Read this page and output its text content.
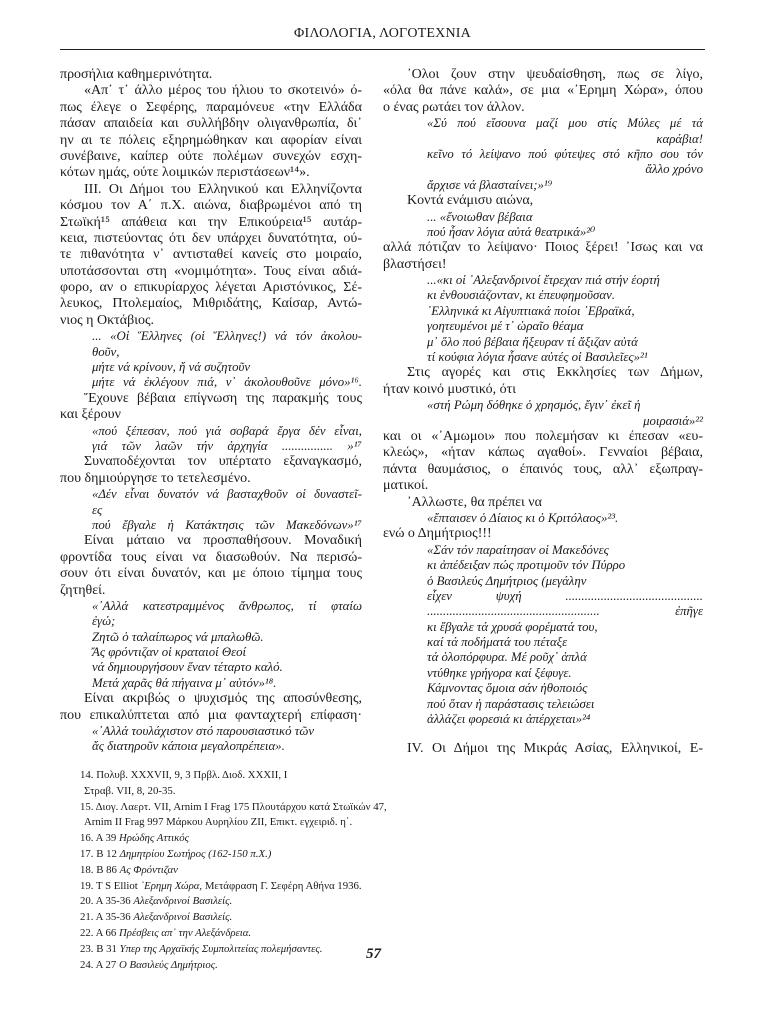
ΦΙΛΟΛΟΓΙΑ, ΛΟΓΟΤΕΧΝΙΑ
προσήλια καθημερινότητα.
«Απ᾿ τ᾿ άλλο μέρος του ήλιου το σκοτεινό» ό-
πως έλεγε ο Σεφέρης, παραμόνευε «την Ελλάδα
πάσαν απαιδεία και συλλήβδην ολιγανθρωπία, δι᾿
ην αι τε πόλεις εξηρημώθηκαν και αφορίαν είναι
συνέβαινε, καίπερ ούτε πολέμων συνεχών εσχη-
κότων ημάς, ούτε λοιμικών περιστάσεων¹⁴».
III. Οι Δήμοι του Ελληνικού και Ελληνίζοντα
κόσμου τον Α΄ π.Χ. αιώνα, διαβρωμένοι από τη
Στωϊκή¹⁵ απάθεια και την Επικούρεια¹⁵ αυτάρ-
κεια, πιστεύοντας ότι δεν υπάρχει δυνατότητα, ού-
τε πιθανότητα ν᾿ αντισταθεί κανείς στο μοιραίο,
υποτάσσονται στη «νομιμότητα». Τους είναι αδιά-
φορο, αν ο επικυρίαρχος λέγεται Αριστόνικος, Σέ-
λευκος, Πτολεμαίος, Μιθριδάτης, Καίσαρ, Αντώ-
νιος η Οκτάβιος.
... «Οἱ Ἕλληνες (οἱ Ἕλληνες!) νά τόν ἀκολου-
θοῦν,
μήτε νά κρίνουν, ἤ νά συζητοῦν
μήτε νά ἐκλέγουν πιά, ν᾿ ἀκολουθοῦνε μόνο»¹⁶.
Ἔχουνε βέβαια επίγνωση της παρακμής τους
και ξέρουν
«πού ξέπεσαν, πού γιά σοβαρά ἔργα δέν εἶναι,
γιά τῶν λαῶν τήν ἀρχηγία ................ »¹⁷
Συναποδέχονται τον υπέρτατο εξαναγκασμό,
που δημιούργησε το τετελεσμένο.
«Δέν εἶναι δυνατόν νά βασταχθοῦν οἱ δυναστεῖ-
ες
πού ἔβγαλε ἡ Κατάκτησις τῶν Μακεδόνων»¹⁷
Είναι μάταιο να προσπαθήσουν. Μοναδική
φροντίδα τους είναι να διασωθούν. Να περισώ-
σουν ότι είναι δυνατόν, και με όποιο τίμημα τους
ζητηθεί.
«᾿Αλλά κατεστραμμένος ἄνθρωπος, τί φταίω
ἐγώ;
Ζητῶ ὁ ταλαίπωρος νά μπαλωθῶ.
Ἄς φρόντιζαν οἱ κραταιοί Θεοί
νά δημιουργήσουν ἕναν τέταρτο καλό.
Μετά χαρᾶς θά πήγαινα μ᾿ αὐτόν»¹⁸.
Είναι ακριβώς ο ψυχισμός της αποσύνθεσης,
που επικαλύπτεται από μια φανταχτερή επίφαση·
«᾿Αλλά τουλάχιστον στό παρουσιαστικό τῶν
ἄς διατηροῦν κάποια μεγαλοπρέπεια».
᾿Ολοι ζουν στην ψευδαίσθηση, πως σε λίγο,
«όλα θα πάνε καλά», σε μια «᾿Ερημη Χώρα», όπου
ο ένας ρωτάει τον άλλον.
«Σύ πού εἴσουνα μαζί μου στίς Μύλες μέ τά
καράβια!
κεῖνο τό λείψανο πού φύτεψες στό κῆπο σου τόν
ἄλλο χρόνο
ἄρχισε νά βλασταίνει;»¹⁹
Κοντά ενάμισυ αιώνα,
... «ἔνοιωθαν βέβαια
πού ἦσαν λόγια αὐτά θεατρικά»²⁰
αλλά πότιζαν το λείψανο· Ποιος ξέρει! ᾿Ισως και να
βλαστήσει!
...«κι οἱ ᾿Αλεξανδρινοί ἔτρεχαν πιά στήν ἑορτή
κι ἐνθουσιάζονταν, κι ἐπευφημοῦσαν.
᾿Ελληνικά κι Αἰγυπτιακά ποίοι ᾿Εβραϊκά,
γοητευμένοι μέ τ᾿ ὡραῖο θέαμα
μ᾿ ὅλο πού βέβαια ἤξευραν τί ἄξιζαν αὐτά
τί κούφια λόγια ἦσανε αὐτές οἱ Βασιλεῖες»²¹
Στις αγορές και στις Εκκλησίες των Δήμων,
ήταν κοινό μυστικό, ότι
«στή Ρώμη δόθηκε ὁ χρησμός, ἔγιν᾿ ἐκεῖ ἡ
μοιρασιά»²²
και οι «᾿Αμωμοι» που πολεμήσαν κι έπεσαν «ευ-
κλεώς», «ήταν κάπως αγαθοί». Γενναίοι βέβαια,
πάντα θαυμάσιος, ο έπαινός τους, αλλ᾿ εξωπραγ-
ματικοί.
᾿Αλλωστε, θα πρέπει να
«ἔπταισεν ὁ Δίαιος κι ὁ Κριτόλαος»²³.
ενώ ο Δημήτριος!!!
«Σάν τόν παραίτησαν οἱ Μακεδόνες
κι ἀπέδειξαν πώς προτιμοῦν τόν Πύρρο
ὁ Βασιλεύς Δημήτριος (μεγάλην
εἶχεν ψυχή ...........................................
...................................................... ἐπῆγε
κι ἔβγαλε τά χρυσά φορέματά του,
καί τά ποδήματά του πέταξε
τά ὁλοπόρφυρα. Μέ ροῦχ᾿ ἁπλά
ντύθηκε γρήγορα καί ξέφυγε.
Κάμνοντας ὅμοια σάν ἠθοποιός
πού ὅταν ἡ παράστασις τελειώσει
ἀλλάζει φορεσιά κι ἀπέρχεται»²⁴
IV. Οι Δήμοι της Μικράς Ασίας, Ελληνικοί, Ε-
14. Πολυβ. XXXVII, 9, 3 Πρβλ. Διοδ. XXXII, I
Στραβ. VII, 8, 20-35.
15. Διογ. Λαερτ. VII, Arnim I Frag 175 Πλουτάρχου κατά Στωϊκών 47,
Arnim II Frag 997 Μάρκου Αυρηλίου ΖΙΙ, Επικτ. εγχειριδ. η΄.
16. Α 39 Ηρώδης Αττικός
17. Β 12 Δημητρίου Σωτήρος (162-150 π.Χ.)
18. Β 86 Ας Φρόντιζαν
19. T S Elliot ᾿Ερημη Χώρα, Μετάφραση Γ. Σεφέρη Αθήνα 1936.
20. Α 35-36 Αλεξανδρινοί Βασιλείς.
21. Α 35-36 Αλεξανδρινοί Βασιλείς.
22. Α 66 Πρέσβεις απ᾿ την Αλεξάνδρεια.
23. Β 31 Υπερ της Αρχαϊκής Συμπολιτείας πολεμήσαντες.
24. Α 27 Ο Βασιλεύς Δημήτριος.
57
